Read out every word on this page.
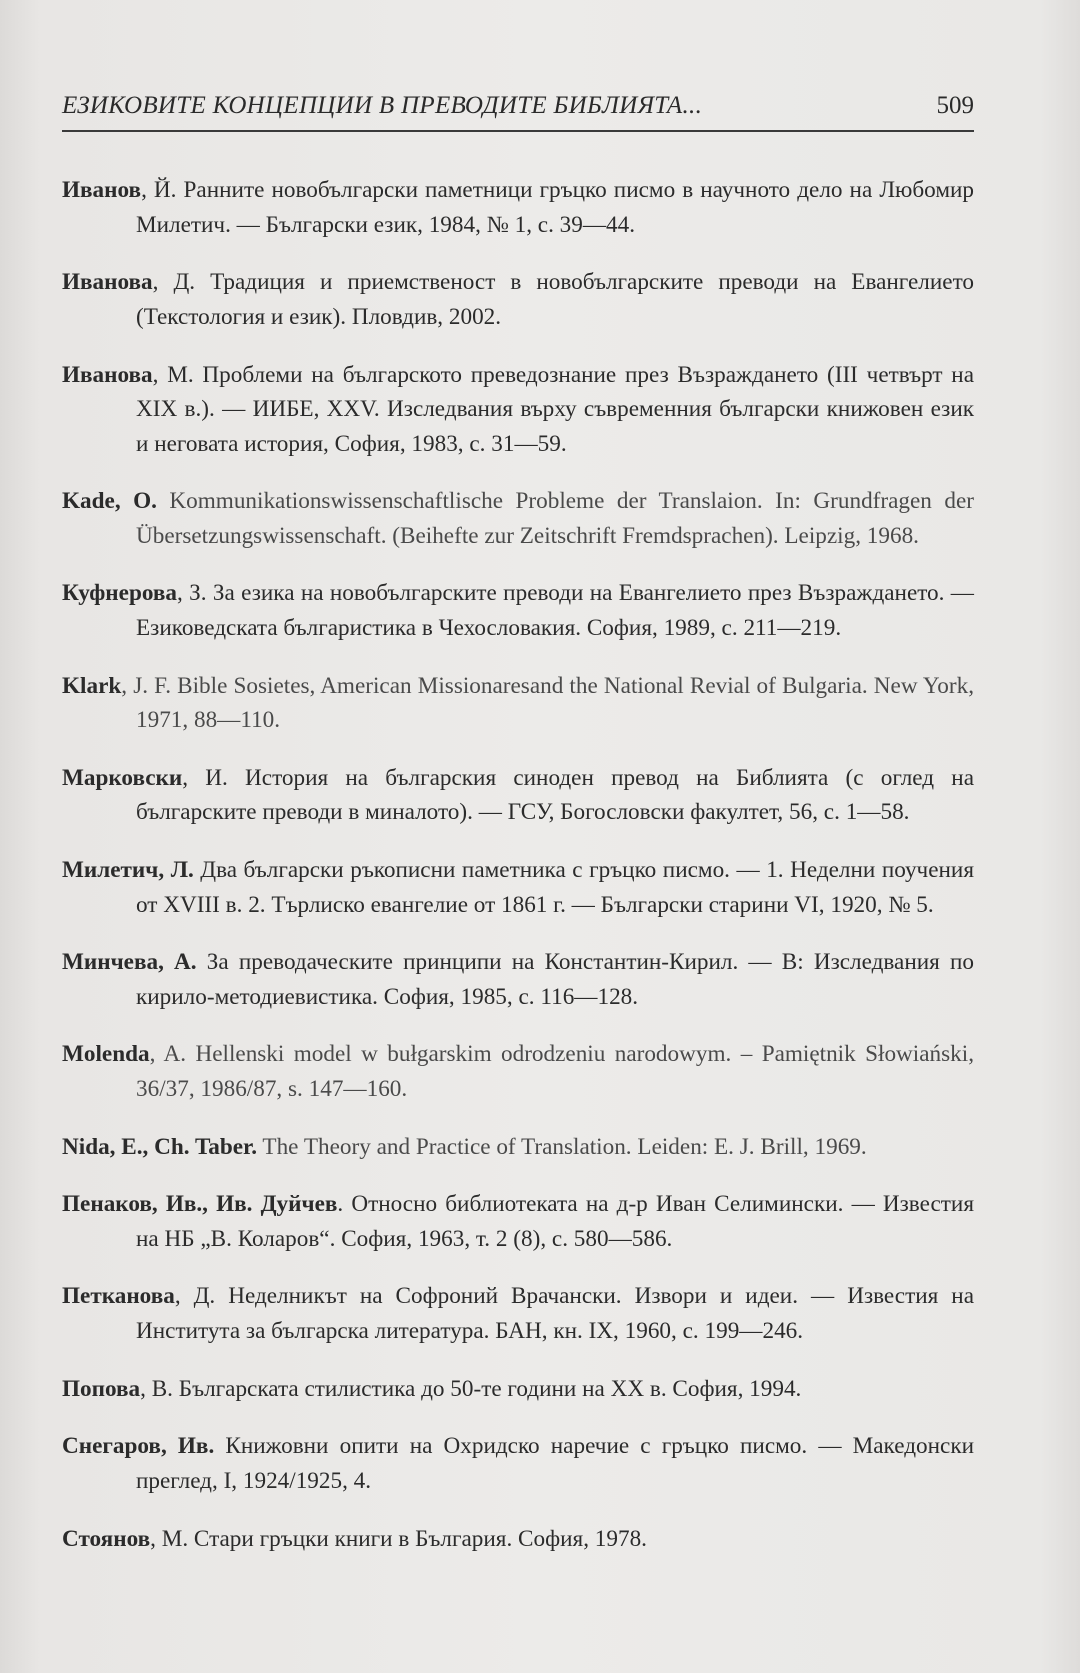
ЕЗИКОВИТЕ КОНЦЕПЦИИ В ПРЕВОДИТЕ БИБЛИЯТА...	509

Иванов, Й. Ранните новобългарски паметници гръцко писмо в научното дело на Любомир Милетич. — Български език, 1984, № 1, с. 39—44.

Иванова, Д. Традиция и приемственост в новобългарските преводи на Евангелието (Текстология и език). Пловдив, 2002.

Иванова, М. Проблеми на българското преведознание през Възраждането (III четвърт на XIX в.). — ИИБЕ, XXV. Изследвания върху съвременния български книжовен език и неговата история, София, 1983, с. 31—59.

Kade, O. Kommunikationswissenschaftlische Probleme der Translaion. In: Grundfragen der Übersetzungswissenschaft. (Beihefte zur Zeitschrift Fremdsprachen). Leipzig, 1968.

Куфнерова, З. За езика на новобългарските преводи на Евангелието през Възраждането. — Езиковедската българистика в Чехословакия. София, 1989, с. 211—219.

Klark, J. F. Bible Sosietes, American Missionaresand the National Revial of Bulgaria. New York, 1971, 88—110.

Марковски, И. История на българския синоден превод на Библията (с оглед на българските преводи в миналото). — ГСУ, Богословски факултет, 56, с. 1—58.

Милетич, Л. Два български ръкописни паметника с гръцко писмо. — 1. Неделни поучения от XVIII в. 2. Търлиско евангелие от 1861 г. — Български старини VI, 1920, № 5.

Минчева, А. За преводаческите принципи на Константин-Кирил. — В: Изследвания по кирило-методиевистика. София, 1985, с. 116—128.

Molenda, A. Hellenski model w bułgarskim odrodzeniu narodowym. – Pamiętnik Słowiański, 36/37, 1986/87, s. 147—160.

Nida, E., Ch. Taber. The Theory and Practice of Translation. Leiden: E. J. Brill, 1969.

Пенаков, Ив., Ив. Дуйчев. Относно библиотеката на д-р Иван Селимински. — Известия на НБ „В. Коларов“. София, 1963, т. 2 (8), с. 580—586.

Петканова, Д. Неделникът на Софроний Врачански. Извори и идеи. — Известия на Института за българска литература. БАН, кн. IX, 1960, с. 199—246.

Попова, В. Българската стилистика до 50-те години на XX в. София, 1994.

Снегаров, Ив. Книжовни опити на Охридско наречие с гръцко писмо. — Македонски преглед, I, 1924/1925, 4.

Стоянов, М. Стари гръцки книги в България. София, 1978.
